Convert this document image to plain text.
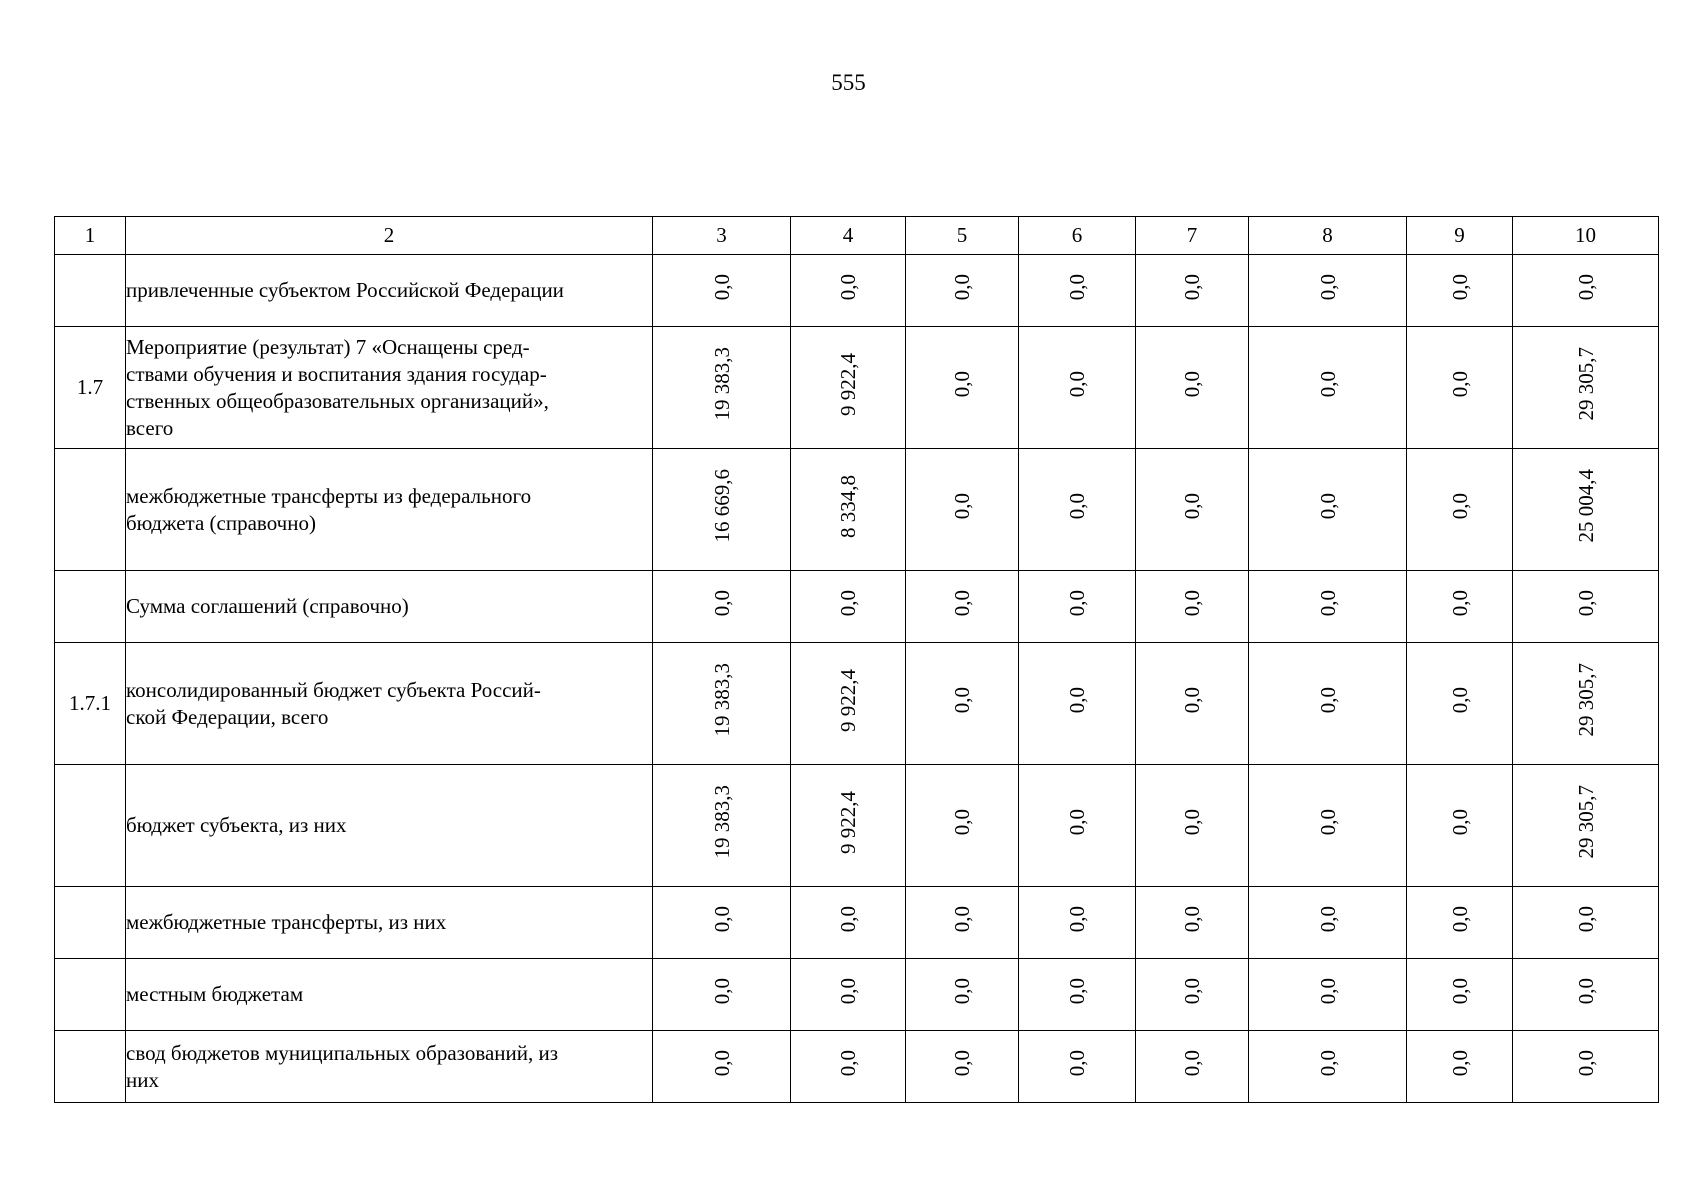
555
1	2	3	4	5	6	7	8	9	10
	привлеченные субъектом Российской Федерации	0,0	0,0	0,0	0,0	0,0	0,0	0,0	0,0
1.7	Мероприятие (результат) 7 «Оснащены сред-
ствами обучения и воспитания здания государ-
ственных общеобразовательных организаций»,
всего	19 383,3	9 922,4	0,0	0,0	0,0	0,0	0,0	29 305,7

	межбюджетные трансферты из федерального
бюджета (справочно)	16 669,6	8 334,8	0,0	0,0	0,0	0,0	0,0	25 004,4
	Сумма соглашений (справочно)	0,0	0,0	0,0	0,0	0,0	0,0	0,0	0,0
1.7.1	консолидированный бюджет субъекта Россий-
ской Федерации, всего	19 383,3	9 922,4	0,0	0,0	0,0	0,0	0,0	29 305,7
	бюджет субъекта, из них	19 383,3	9 922,4	0,0	0,0	0,0	0,0	0,0	29 305,7
	межбюджетные трансферты, из них	0,0	0,0	0,0	0,0	0,0	0,0	0,0	0,0
	местным бюджетам	0,0	0,0	0,0	0,0	0,0	0,0	0,0	0,0

	свод бюджетов муниципальных образований, из
них	0,0	0,0	0,0	0,0	0,0	0,0	0,0	0,0
